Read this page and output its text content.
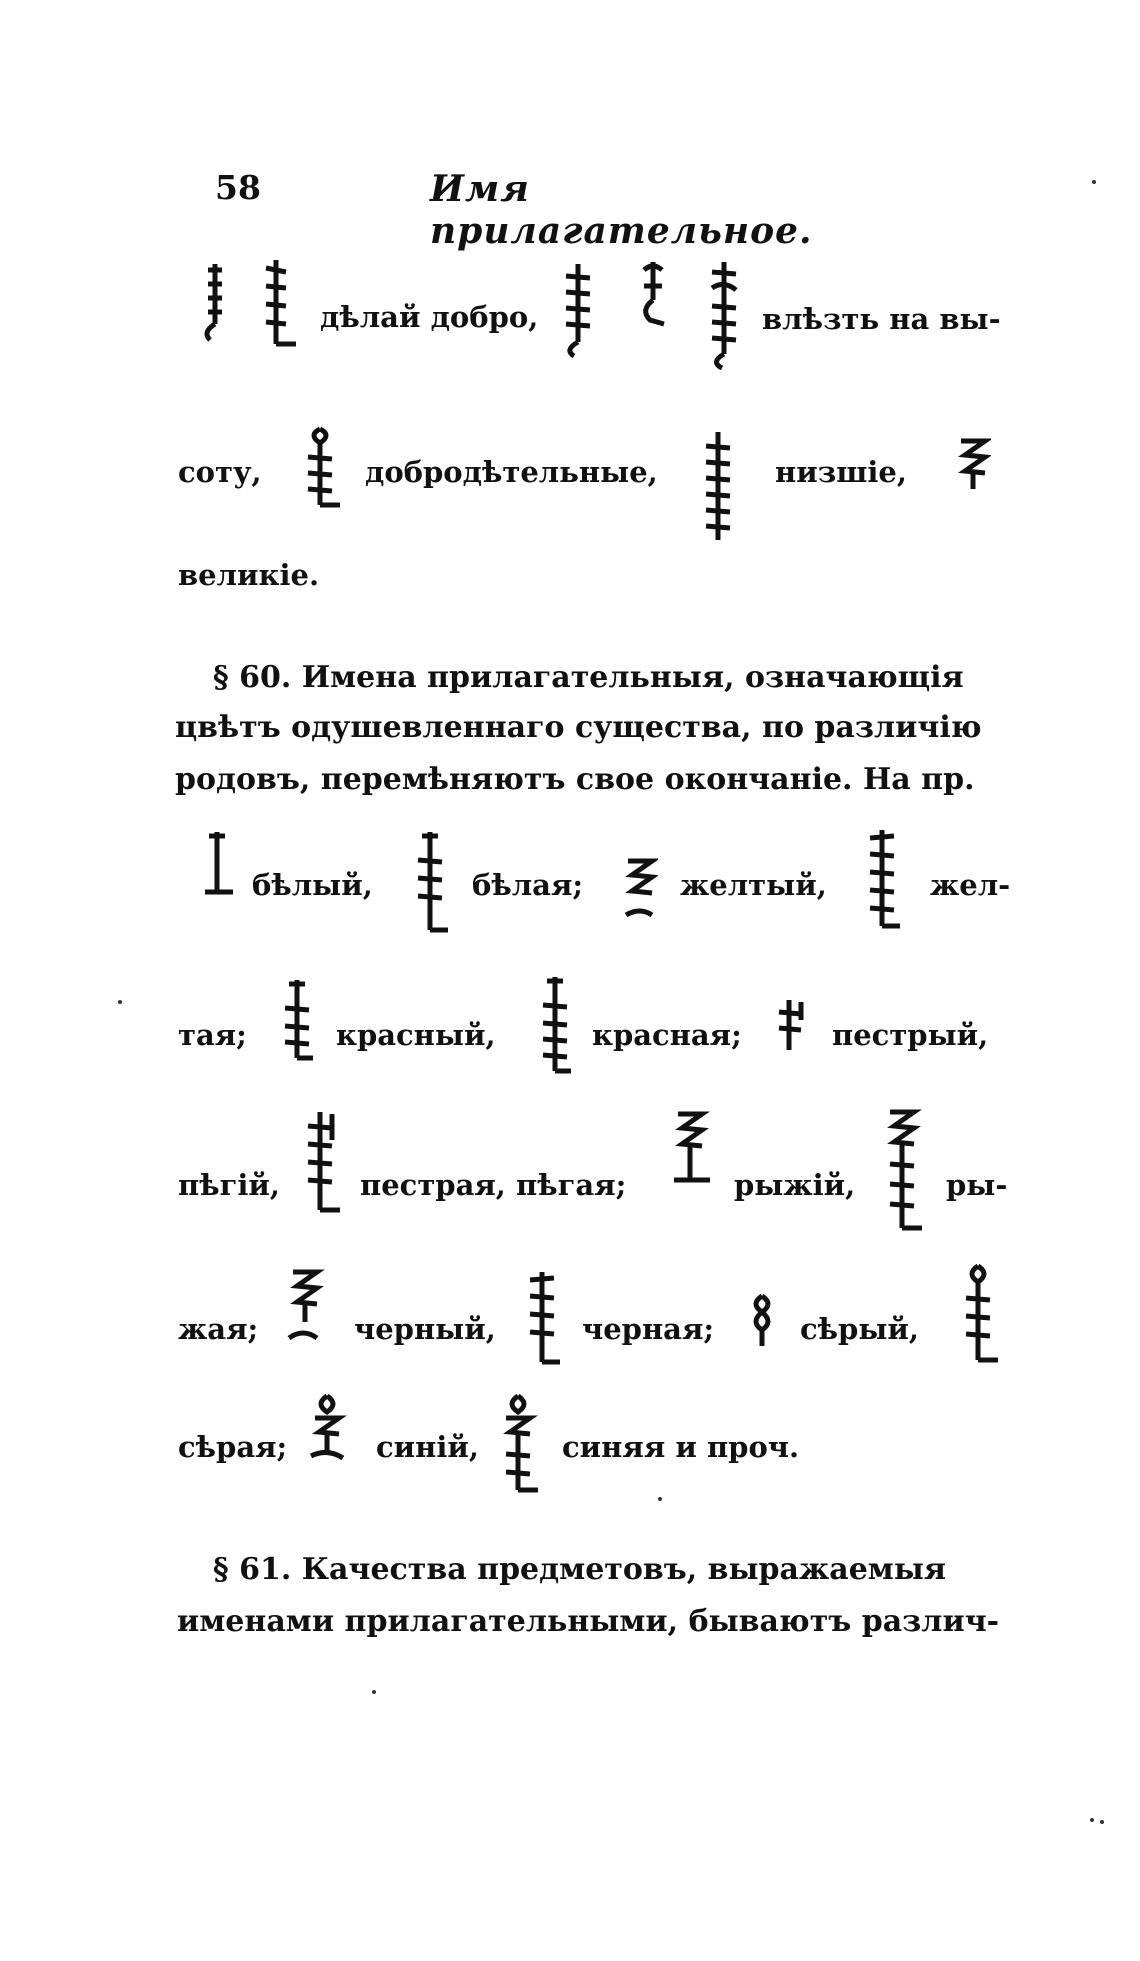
58	Имя прилагательное.
дѣлай добро,	влѣзть на вы-
соту,	добродѣтельные,	низшіе,
великіе.
§ 60. Имена прилагательныя, означающія
цвѣтъ одушевленнаго существа, по различію
родовъ, перемѣняютъ свое окончаніе. На пр.
бѣлый,	бѣлая;	желтый,	жел-
тая;	красный,	красная;	пестрый,
пѣгій,	пестрая, пѣгая;	рыжій,	ры-
жая;	черный,	черная;	сѣрый,
сѣрая;	синій,	синяя и проч.
§ 61. Качества предметовъ, выражаемыя
именами прилагательными, бываютъ различ-
